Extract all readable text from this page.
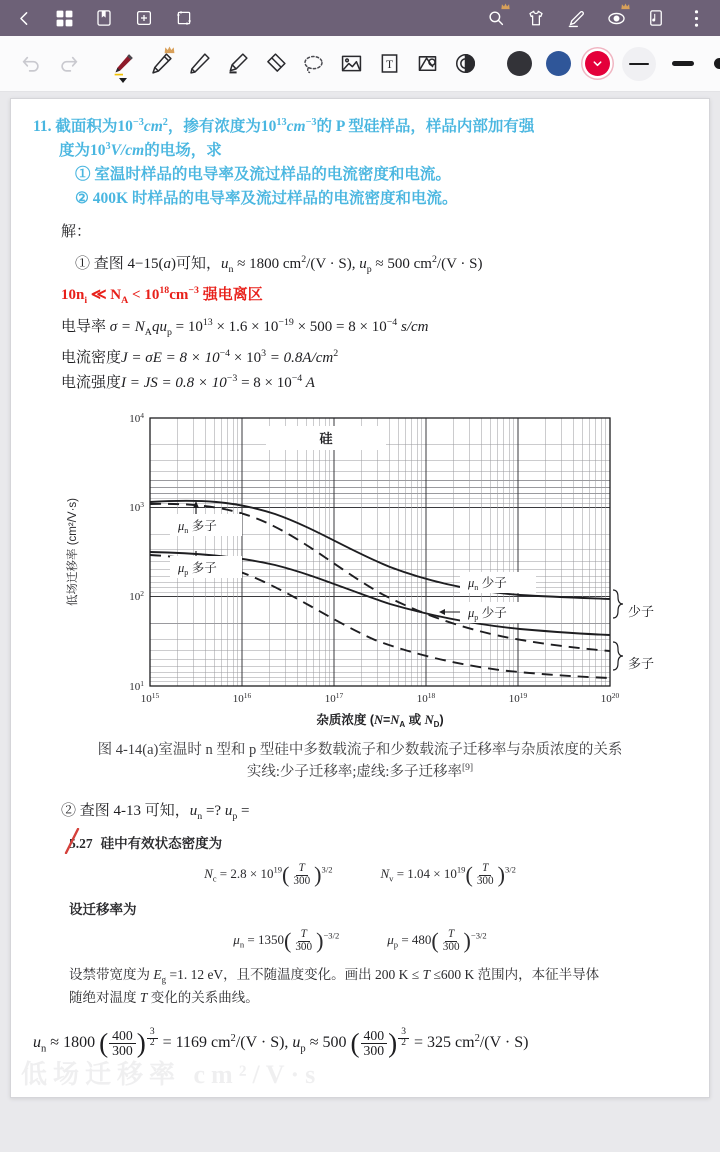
T
11. 截面积为$10^{-3}cm^2$，掺有浓度为$10^{13}cm^{-3}$的 P 型硅样品，样品内部加有强
度为$10^3V/cm$的电场，求
① 室温时样品的电导率及流过样品的电流密度和电流。
② 400K 时样品的电导率及流过样品的电流密度和电流。
解：
① 查图 4−15(a)可知，$u_n \approx 1800$ $cm^2/(V \cdot S)$, $u_p \approx 500$ $cm^2/(V \cdot S)$
$10n_i$ ≪ $N_A < 10^{18}cm^{-3}$ 强电离区
电导率 $\sigma = N_Aqu_p = 10^{13} \times 1.6 \times 10^{-19} \times 500 = 8 \times 10^{-4}$ s/cm
电流密度$J = \sigma E = 8 \times 10^{-4} \times 10^3 = 0.8A/cm^2$
电流强度I = JS = $0.8 \times 10^{-3} = 8 \times 10^{-4}$ A
低场迁移率 (cm²/V·s)
$10^4$
$10^3$
$10^2$
$10^1$
硅
$\mu_n$ 多子
$\mu_p$ 多子
$\mu_n$ 少子
$\mu_p$ 少子	少子
多子
$10^{15}$	$10^{16}$	$10^{17}$	$10^{18}$	$10^{19}$	$10^{20}$
杂质浓度 ($N=N_A$ 或 $N_D$)
图 4-14(a)室温时 n 型和 p 型硅中多数载流子和少数载流子迁移率与杂质浓度的关系
实线:少子迁移率;虚线:多子迁移率[9]
② 查图 4-13 可知，$u_n$ =? $u_p$ =
5.27 硅中有效状态密度为
$N_c = 2.8 \times 10^{19}( \frac{T}{300} )^{3/2}$	$N_v = 1.04 \times 10^{19}( \frac{T}{300} )^{3/2}$
设迁移率为
$\mu_n = 1350( \frac{T}{300} )^{-3/2}$	$\mu_p = 480( \frac{T}{300} )^{-3/2}$
设禁带宽度为 $E_g =1$. 12 eV，且不随温度变化。画出 200 K ≤ T ≤600 K 范围内，本征半导体
随绝对温度 T 变化的关系曲线。
$u_n \approx 1800$ ( $\frac{400}{300}$ ) $^{\frac{3}{2}}$ = 1169 $cm^2/(V \cdot S)$, $u_p \approx 500$ ( $\frac{400}{300}$ ) $^{\frac{3}{2}}$ = 325 $cm^2/(V \cdot S)$
低场迁移率 cm²/V·s
